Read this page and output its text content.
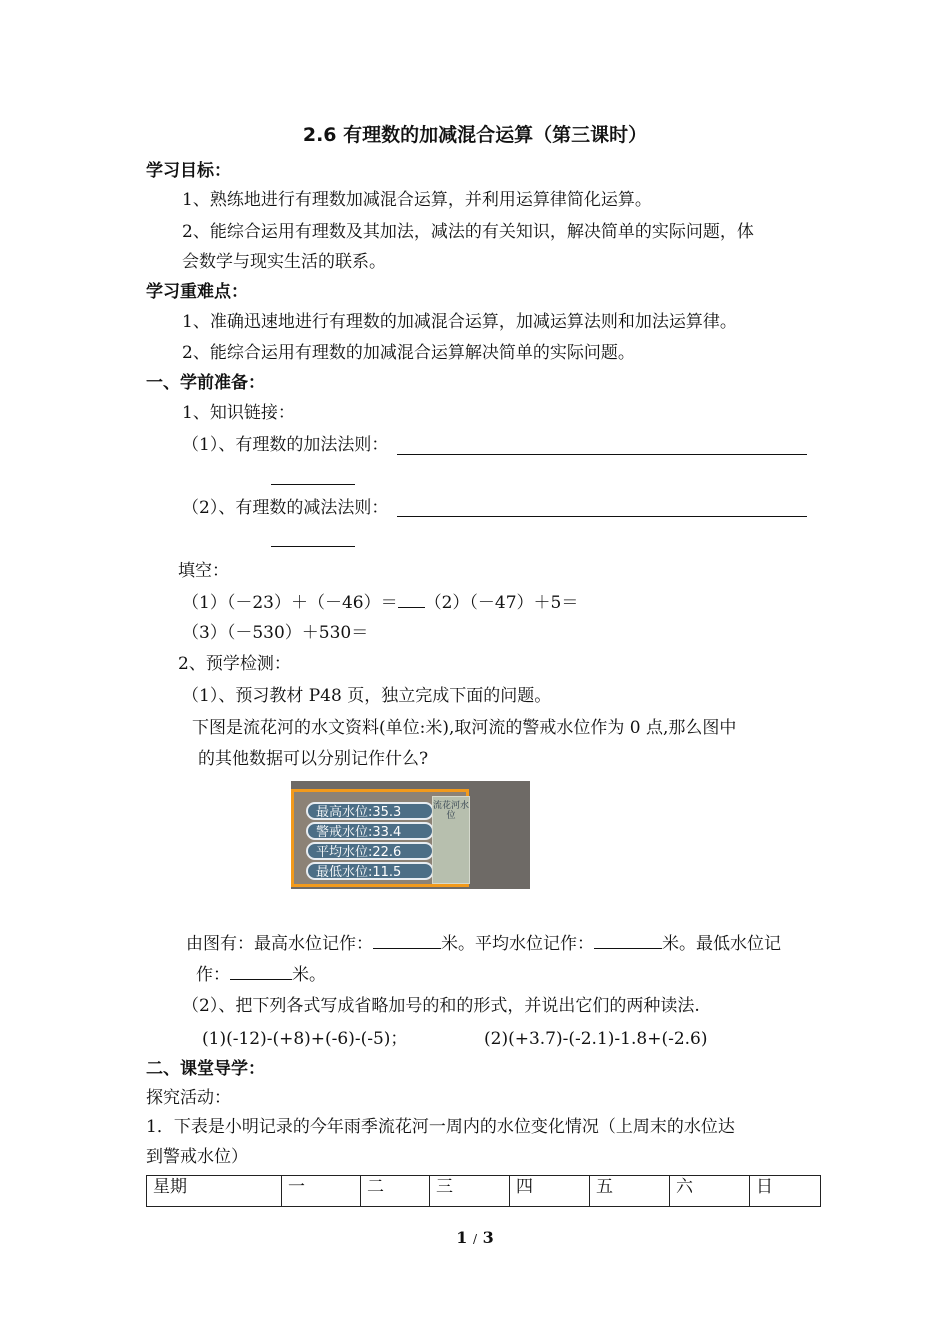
2.6 有理数的加减混合运算（第三课时）
学习目标：
1、熟练地进行有理数加减混合运算，并利用运算律简化运算。
2、能综合运用有理数及其加法，减法的有关知识，解决简单的实际问题，体
会数学与现实生活的联系。
学习重难点：
1、准确迅速地进行有理数的加减混合运算，加减运算法则和加法运算律。
2、能综合运用有理数的加减混合运算解决简单的实际问题。
一、学前准备：
1、知识链接：
（1）、有理数的加法法则：
（2）、有理数的减法法则：
填空：
（1）（－23）＋（－46）＝ （2）（－47）＋5＝
（3）（－530）＋530＝
2、预学检测：
（1）、预习教材 P48 页，独立完成下面的问题。
下图是流花河的水文资料(单位:米),取河流的警戒水位作为 0 点,那么图中
的其他数据可以分别记作什么?
最高水位:35.3
警戒水位:33.4
平均水位:22.6
最低水位:11.5
流花河水位
由图有：最高水位记作：	米。平均水位记作：	米。最低水位记
作：	米。
（2）、把下列各式写成省略加号的和的形式，并说出它们的两种读法.
(1)(-12)-(+8)+(-6)-(-5)；	(2)(+3.7)-(-2.1)-1.8+(-2.6)
二、课堂导学：
探究活动：
1．下表是小明记录的今年雨季流花河一周内的水位变化情况（上周末的水位达
到警戒水位）
星期	一	二	三	四	五	六	日
1 / 3
